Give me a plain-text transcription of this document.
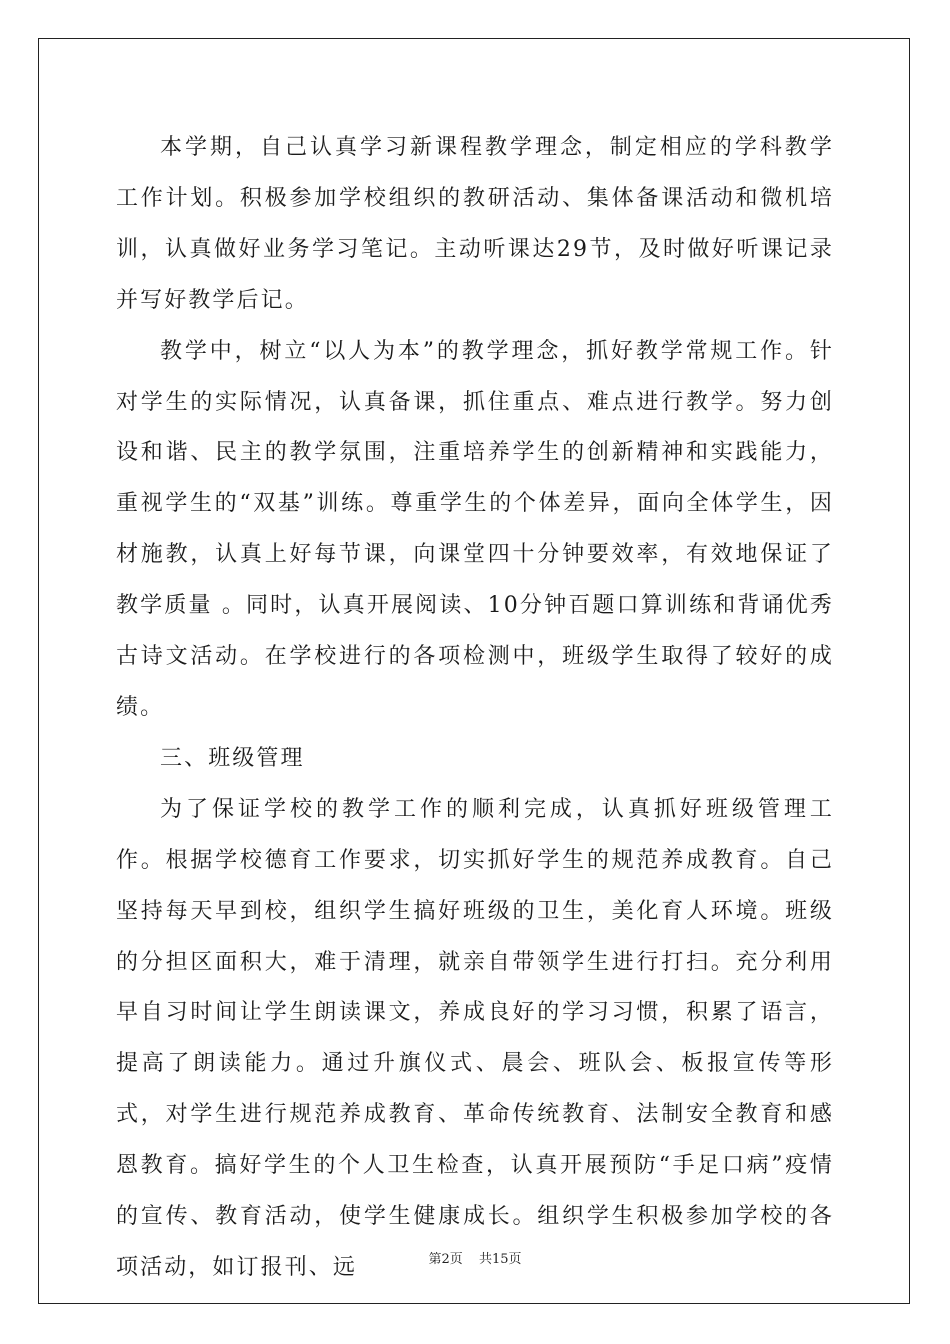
本学期，自己认真学习新课程教学理念，制定相应的学科教学工作计划。积极参加学校组织的教研活动、集体备课活动和微机培训，认真做好业务学习笔记。主动听课达29节，及时做好听课记录并写好教学后记。

教学中，树立“以人为本”的教学理念，抓好教学常规工作。针对学生的实际情况，认真备课，抓住重点、难点进行教学。努力创设和谐、民主的教学氛围，注重培养学生的创新精神和实践能力，重视学生的“双基”训练。尊重学生的个体差异，面向全体学生，因材施教，认真上好每节课，向课堂四十分钟要效率，有效地保证了教学质量 。同时，认真开展阅读、10分钟百题口算训练和背诵优秀古诗文活动。在学校进行的各项检测中，班级学生取得了较好的成绩。

三、班级管理

为了保证学校的教学工作的顺利完成，认真抓好班级管理工作。根据学校德育工作要求，切实抓好学生的规范养成教育。自己坚持每天早到校，组织学生搞好班级的卫生，美化育人环境。班级的分担区面积大，难于清理，就亲自带领学生进行打扫。充分利用早自习时间让学生朗读课文，养成良好的学习习惯，积累了语言，提高了朗读能力。通过升旗仪式、晨会、班队会、板报宣传等形式，对学生进行规范养成教育、革命传统教育、法制安全教育和感恩教育。搞好学生的个人卫生检查，认真开展预防“手足口病”疫情的宣传、教育活动，使学生健康成长。组织学生积极参加学校的各项活动，如订报刊、远	第2页 共15页
